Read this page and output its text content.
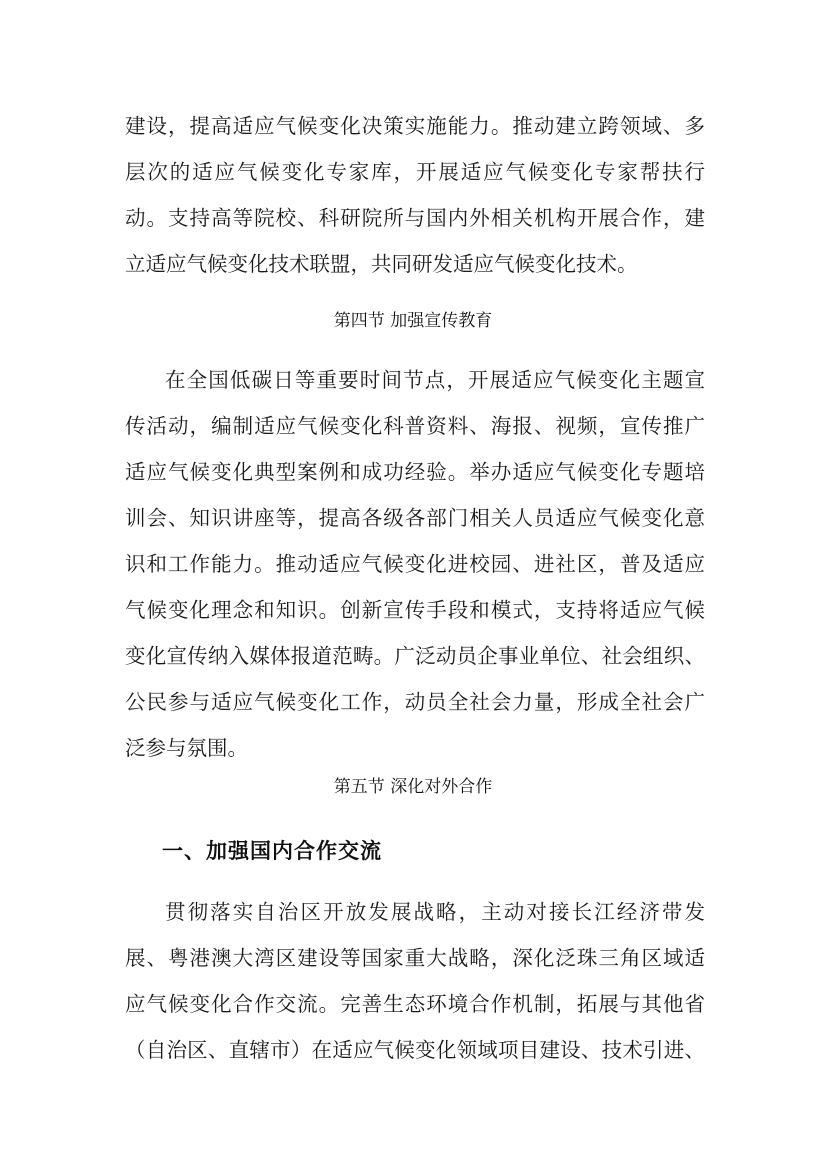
建设，提高适应气候变化决策实施能力。推动建立跨领域、多
层次的适应气候变化专家库，开展适应气候变化专家帮扶行
动。支持高等院校、科研院所与国内外相关机构开展合作，建
立适应气候变化技术联盟，共同研发适应气候变化技术。
第四节 加强宣传教育
在全国低碳日等重要时间节点，开展适应气候变化主题宣
传活动，编制适应气候变化科普资料、海报、视频，宣传推广
适应气候变化典型案例和成功经验。举办适应气候变化专题培
训会、知识讲座等，提高各级各部门相关人员适应气候变化意
识和工作能力。推动适应气候变化进校园、进社区，普及适应
气候变化理念和知识。创新宣传手段和模式，支持将适应气候
变化宣传纳入媒体报道范畴。广泛动员企事业单位、社会组织、
公民参与适应气候变化工作，动员全社会力量，形成全社会广
泛参与氛围。
第五节 深化对外合作
一、加强国内合作交流
贯彻落实自治区开放发展战略，主动对接长江经济带发
展、粤港澳大湾区建设等国家重大战略，深化泛珠三角区域适
应气候变化合作交流。完善生态环境合作机制，拓展与其他省
（自治区、直辖市）在适应气候变化领域项目建设、技术引进、
